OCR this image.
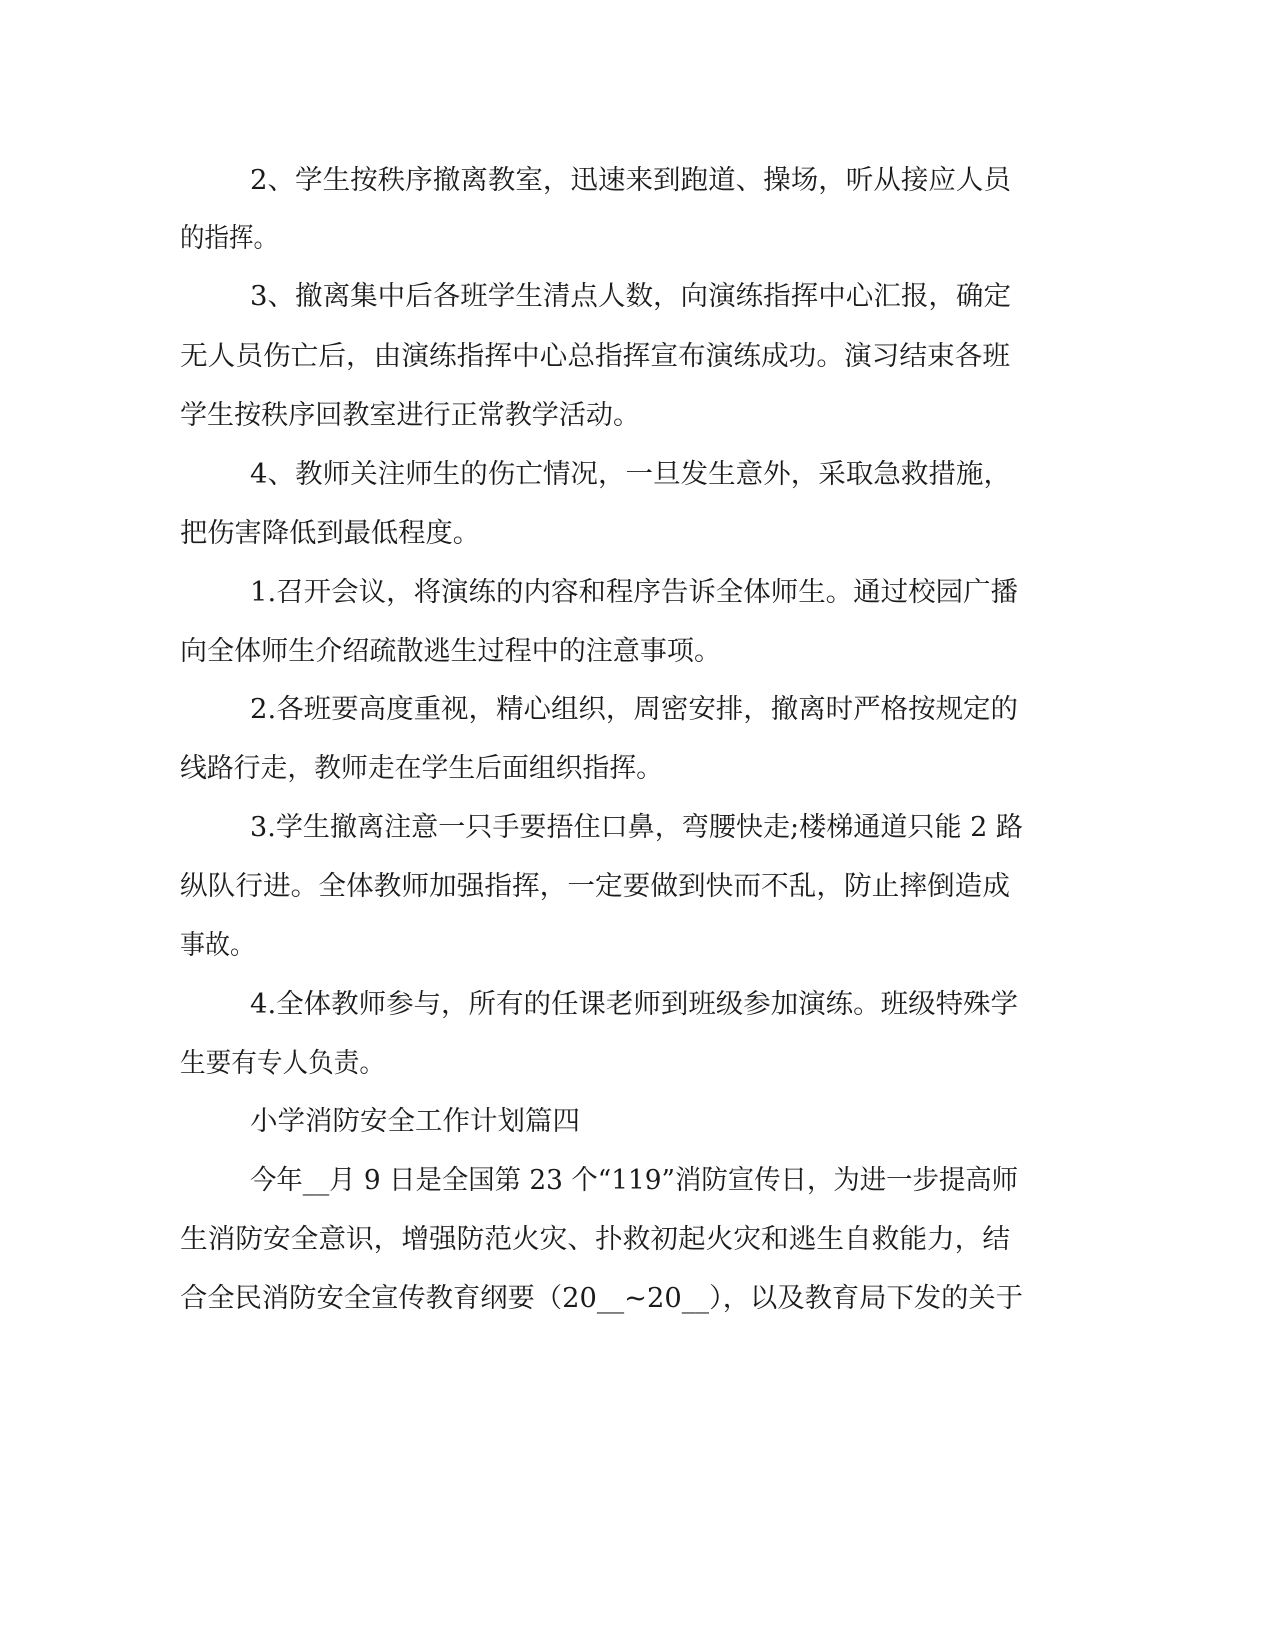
2、学生按秩序撤离教室，迅速来到跑道、操场，听从接应人员
的指挥。
3、撤离集中后各班学生清点人数，向演练指挥中心汇报，确定
无人员伤亡后，由演练指挥中心总指挥宣布演练成功。演习结束各班
学生按秩序回教室进行正常教学活动。
4、教师关注师生的伤亡情况，一旦发生意外，采取急救措施，
把伤害降低到最低程度。
1.召开会议，将演练的内容和程序告诉全体师生。通过校园广播
向全体师生介绍疏散逃生过程中的注意事项。
2.各班要高度重视，精心组织，周密安排，撤离时严格按规定的
线路行走，教师走在学生后面组织指挥。
3.学生撤离注意一只手要捂住口鼻，弯腰快走;楼梯通道只能 2 路
纵队行进。全体教师加强指挥，一定要做到快而不乱，防止摔倒造成
事故。
4.全体教师参与，所有的任课老师到班级参加演练。班级特殊学
生要有专人负责。
小学消防安全工作计划篇四
今年__月 9 日是全国第 23 个“119”消防宣传日，为进一步提高师
生消防安全意识，增强防范火灾、扑救初起火灾和逃生自救能力，结
合全民消防安全宣传教育纲要（20__~20__），以及教育局下发的关于
